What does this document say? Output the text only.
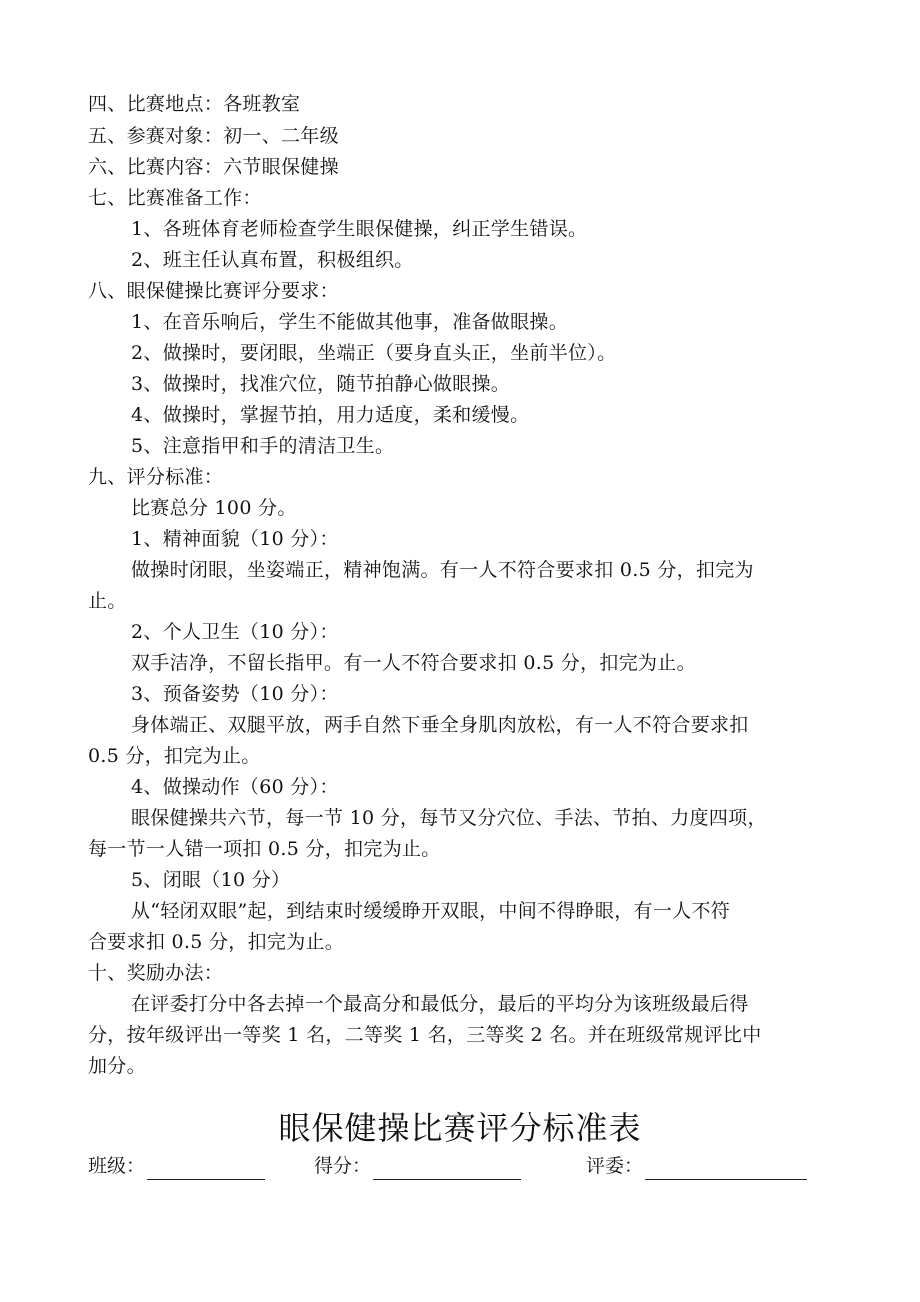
四、比赛地点：各班教室
五、参赛对象：初一、二年级
六、比赛内容：六节眼保健操
七、比赛准备工作：
1、各班体育老师检查学生眼保健操，纠正学生错误。
2、班主任认真布置，积极组织。
八、眼保健操比赛评分要求：
1、在音乐响后，学生不能做其他事，准备做眼操。
2、做操时，要闭眼，坐端正（要身直头正，坐前半位）。
3、做操时，找准穴位，随节拍静心做眼操。
4、做操时，掌握节拍，用力适度，柔和缓慢。
5、注意指甲和手的清洁卫生。
九、评分标准：
比赛总分 100 分。
1、精神面貌（10 分）：
做操时闭眼，坐姿端正，精神饱满。有一人不符合要求扣 0.5 分，扣完为
止。
2、个人卫生（10 分）：
双手洁净，不留长指甲。有一人不符合要求扣 0.5 分，扣完为止。
3、预备姿势（10 分）：
身体端正、双腿平放，两手自然下垂全身肌肉放松，有一人不符合要求扣
0.5 分，扣完为止。
4、做操动作（60 分）：
眼保健操共六节，每一节 10 分，每节又分穴位、手法、节拍、力度四项，
每一节一人错一项扣 0.5 分，扣完为止。
5、闭眼（10 分）
从“轻闭双眼”起，到结束时缓缓睁开双眼，中间不得睁眼，有一人不符
合要求扣 0.5 分，扣完为止。
十、奖励办法：
在评委打分中各去掉一个最高分和最低分，最后的平均分为该班级最后得
分，按年级评出一等奖 1 名，二等奖 1 名，三等奖 2 名。并在班级常规评比中
加分。
眼保健操比赛评分标准表
班级：	得分：	评委：
